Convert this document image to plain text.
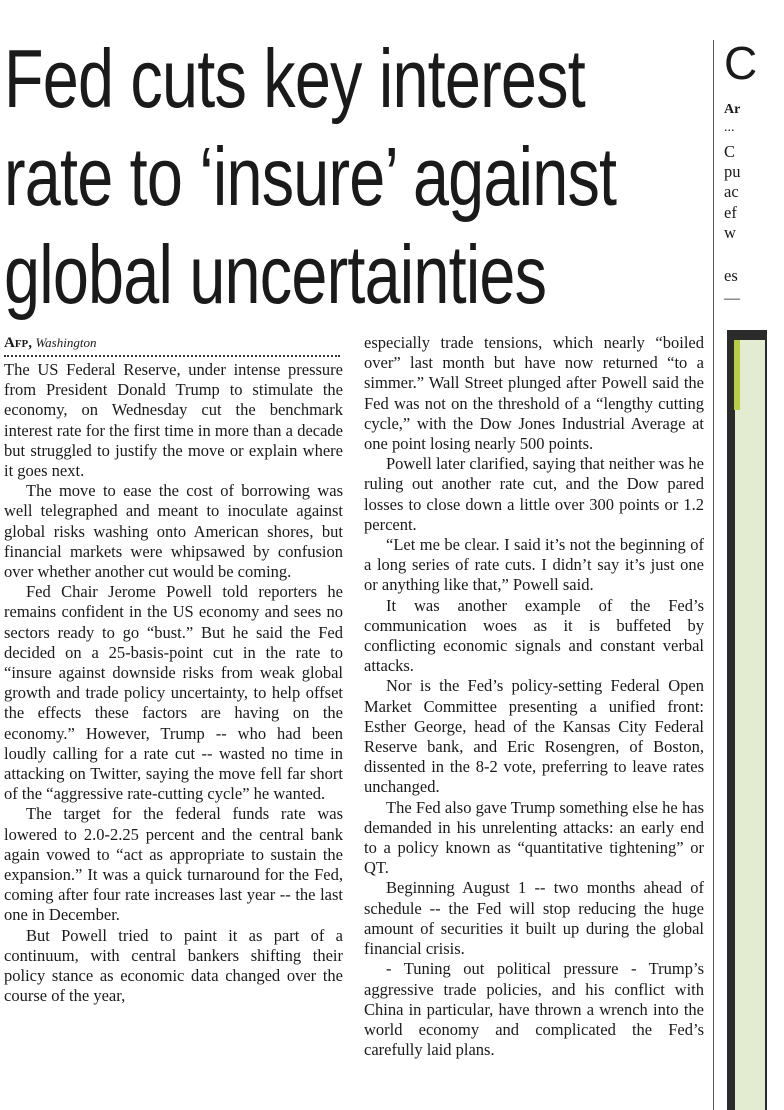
Fed cuts key interest
rate to ‘insure’ against
global uncertainties
Afp, Washington

The US Federal Reserve, under intense pressure from President Donald Trump to stimulate the economy, on Wednesday cut the benchmark interest rate for the first time in more than a decade but struggled to justify the move or explain where it goes next.

The move to ease the cost of borrowing was well telegraphed and meant to inoculate against global risks washing onto American shores, but financial markets were whipsawed by confusion over whether another cut would be coming.

Fed Chair Jerome Powell told reporters he remains confident in the US economy and sees no sectors ready to go “bust.” But he said the Fed decided on a 25-basis-point cut in the rate to “insure against downside risks from weak global growth and trade policy uncertainty, to help offset the effects these factors are having on the economy.” However, Trump -- who had been loudly calling for a rate cut -- wasted no time in attacking on Twitter, saying the move fell far short of the “aggressive rate-cutting cycle” he wanted.

The target for the federal funds rate was lowered to 2.0-2.25 percent and the central bank again vowed to “act as appropriate to sustain the expansion.” It was a quick turnaround for the Fed, coming after four rate increases last year -- the last one in December.

But Powell tried to paint it as part of a continuum, with central bankers shifting their policy stance as economic data changed over the course of the year,

especially trade tensions, which nearly “boiled over” last month but have now returned “to a simmer.” Wall Street plunged after Powell said the Fed was not on the threshold of a “lengthy cutting cycle,” with the Dow Jones Industrial Average at one point losing nearly 500 points.

Powell later clarified, saying that neither was he ruling out another rate cut, and the Dow pared losses to close down a little over 300 points or 1.2 percent.

“Let me be clear. I said it’s not the beginning of a long series of rate cuts. I didn’t say it’s just one or anything like that,” Powell said.

It was another example of the Fed’s communication woes as it is buffeted by conflicting economic signals and constant verbal attacks.

Nor is the Fed’s policy-setting Federal Open Market Committee presenting a unified front: Esther George, head of the Kansas City Federal Reserve bank, and Eric Rosengren, of Boston, dissented in the 8-2 vote, preferring to leave rates unchanged.

The Fed also gave Trump something else he has demanded in his unrelenting attacks: an early end to a policy known as “quantitative tightening” or QT.

Beginning August 1 -- two months ahead of schedule -- the Fed will stop reducing the huge amount of securities it built up during the global financial crisis.

- Tuning out political pressure - Trump’s aggressive trade policies, and his conflict with China in particular, have thrown a wrench into the world economy and complicated the Fed’s carefully laid plans.

C
Ar
...
C
pu
ac
ef
w
es
—
